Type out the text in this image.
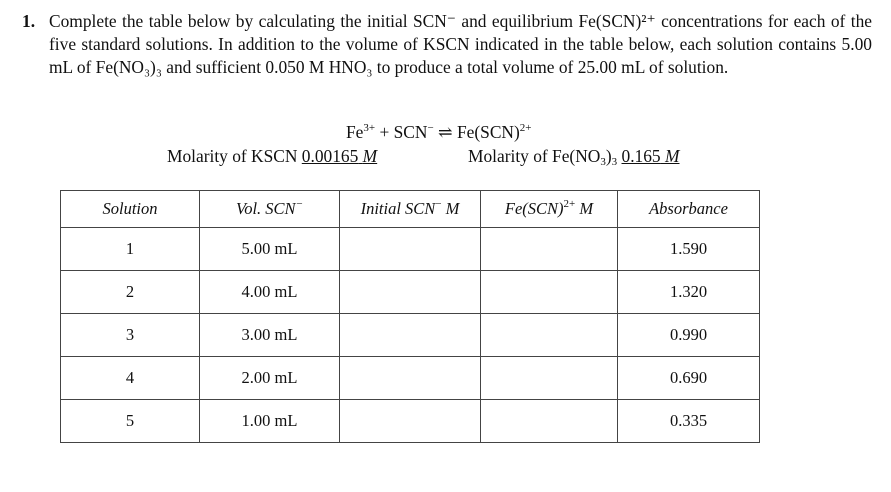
1. Complete the table below by calculating the initial SCN⁻ and equilibrium Fe(SCN)²⁺ concentrations for each of the five standard solutions. In addition to the volume of KSCN indicated in the table below, each solution contains 5.00 mL of Fe(NO₃)₃ and sufficient 0.050 M HNO₃ to produce a total volume of 25.00 mL of solution.
$Fe^{3+} + SCN^-$ ⇌ Fe(SCN)$^{2+}$
Molarity of KSCN 0.00165 M	Molarity of $Fe(NO_3)_3$ 0.165 M
Solution	Vol. SCN−	Initial SCN− M	Fe(SCN)$^{2+}$ M	Absorbance
1	5.00 mL			1.590
2	4.00 mL			1.320
3	3.00 mL			0.990
4	2.00 mL			0.690
5	1.00 mL			0.335
